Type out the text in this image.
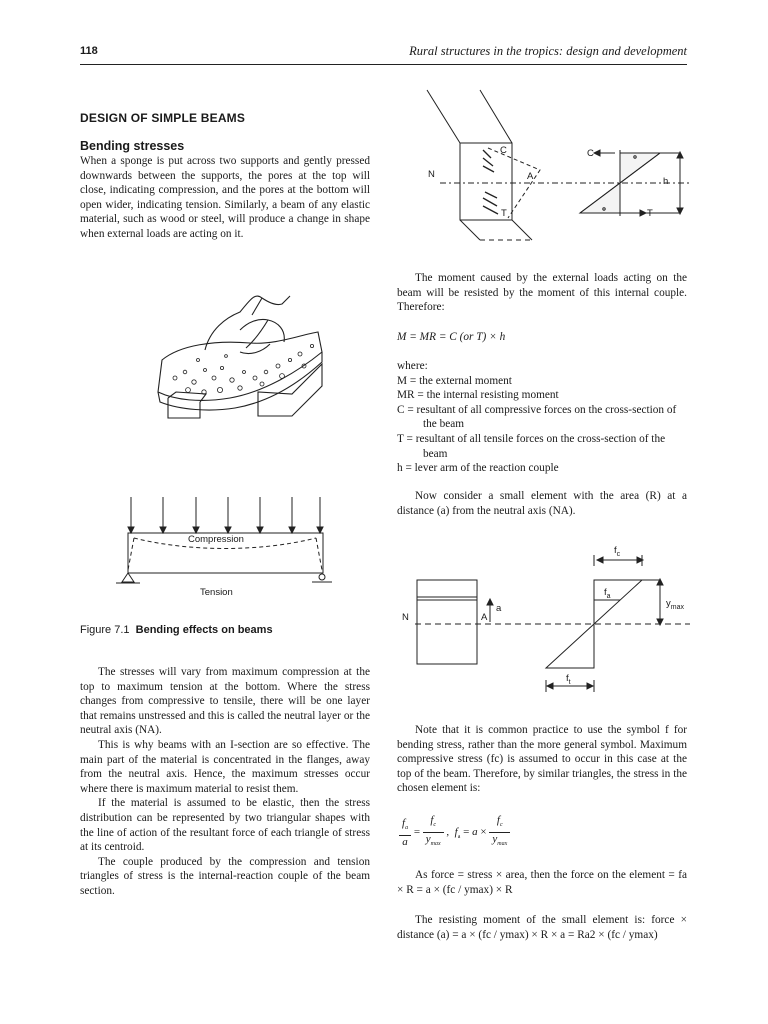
118	Rural structures in the tropics: design and development
DESIGN OF SIMPLE BEAMS
Bending stresses

When a sponge is put across two supports and gently pressed downwards between the supports, the pores at the top will close, indicating compression, and the pores at the bottom will open wider, indicating tension. Similarly, a beam of any elastic material, such as wood or steel, will produce a change in shape when external loads are acting on it.

Compression
Tension
C
N	A
T
C
T
h
$f_c$
$f_a$
$f_t$
$y_{max}$
a
N	A
Figure 7.1 Bending effects on beams

The stresses will vary from maximum compression at the top to maximum tension at the bottom. Where the stress changes from compressive to tensile, there will be one layer that remains unstressed and this is called the neutral layer or the neutral axis (NA).

This is why beams with an I-section are so effective. The main part of the material is concentrated in the flanges, away from the neutral axis. Hence, the maximum stresses occur where there is maximum material to resist them.

If the material is assumed to be elastic, then the stress distribution can be represented by two triangular shapes with the line of action of the resultant force of each triangle of stress at its centroid.

The couple produced by the compression and tension triangles of stress is the internal-reaction couple of the beam section.

The moment caused by the external loads acting on the beam will be resisted by the moment of this internal couple. Therefore:

M = MR = C (or T) × h

where:

M = the external moment

MR = the internal resisting moment

C = resultant of all compressive forces on the cross-section of the beam

T = resultant of all tensile forces on the cross-section of the beam

h = lever arm of the reaction couple

Now consider a small element with the area (R) at a distance (a) from the neutral axis (NA).

Note that it is common practice to use the symbol f for bending stress, rather than the more general symbol. Maximum compressive stress (fc) is assumed to occur in this case at the top of the beam. Therefore, by similar triangles, the stress in the chosen element is:

$\frac{f_a}{a} = \frac{f_c}{y_{max}}$ ,  $f_a = a \times \frac{f_c}{y_{max}}$

As force = stress × area, then the force on the element = fa × R = a × (fc / ymax) × R

The resisting moment of the small element is: force × distance (a) = a × (fc / ymax) × R × a = Ra2 × (fc / ymax)
